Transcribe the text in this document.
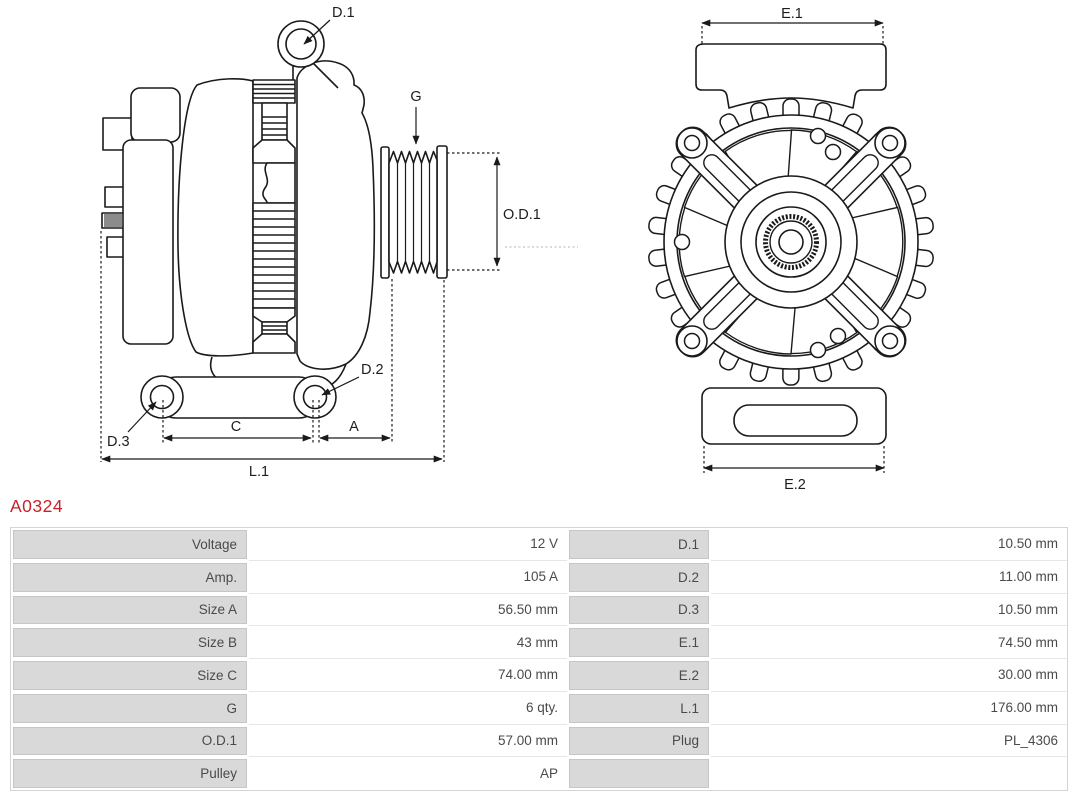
D.1
G
O.D.1
D.2
D.3
C	A
L.1
E.1
E.2
A0324
Voltage	12 V	D.1	10.50 mm
Amp.	105 A	D.2	11.00 mm
Size A	56.50 mm	D.3	10.50 mm
Size B	43 mm	E.1	74.50 mm
Size C	74.00 mm	E.2	30.00 mm
G	6 qty.	L.1	176.00 mm
O.D.1	57.00 mm	Plug	PL_4306
Pulley	AP
